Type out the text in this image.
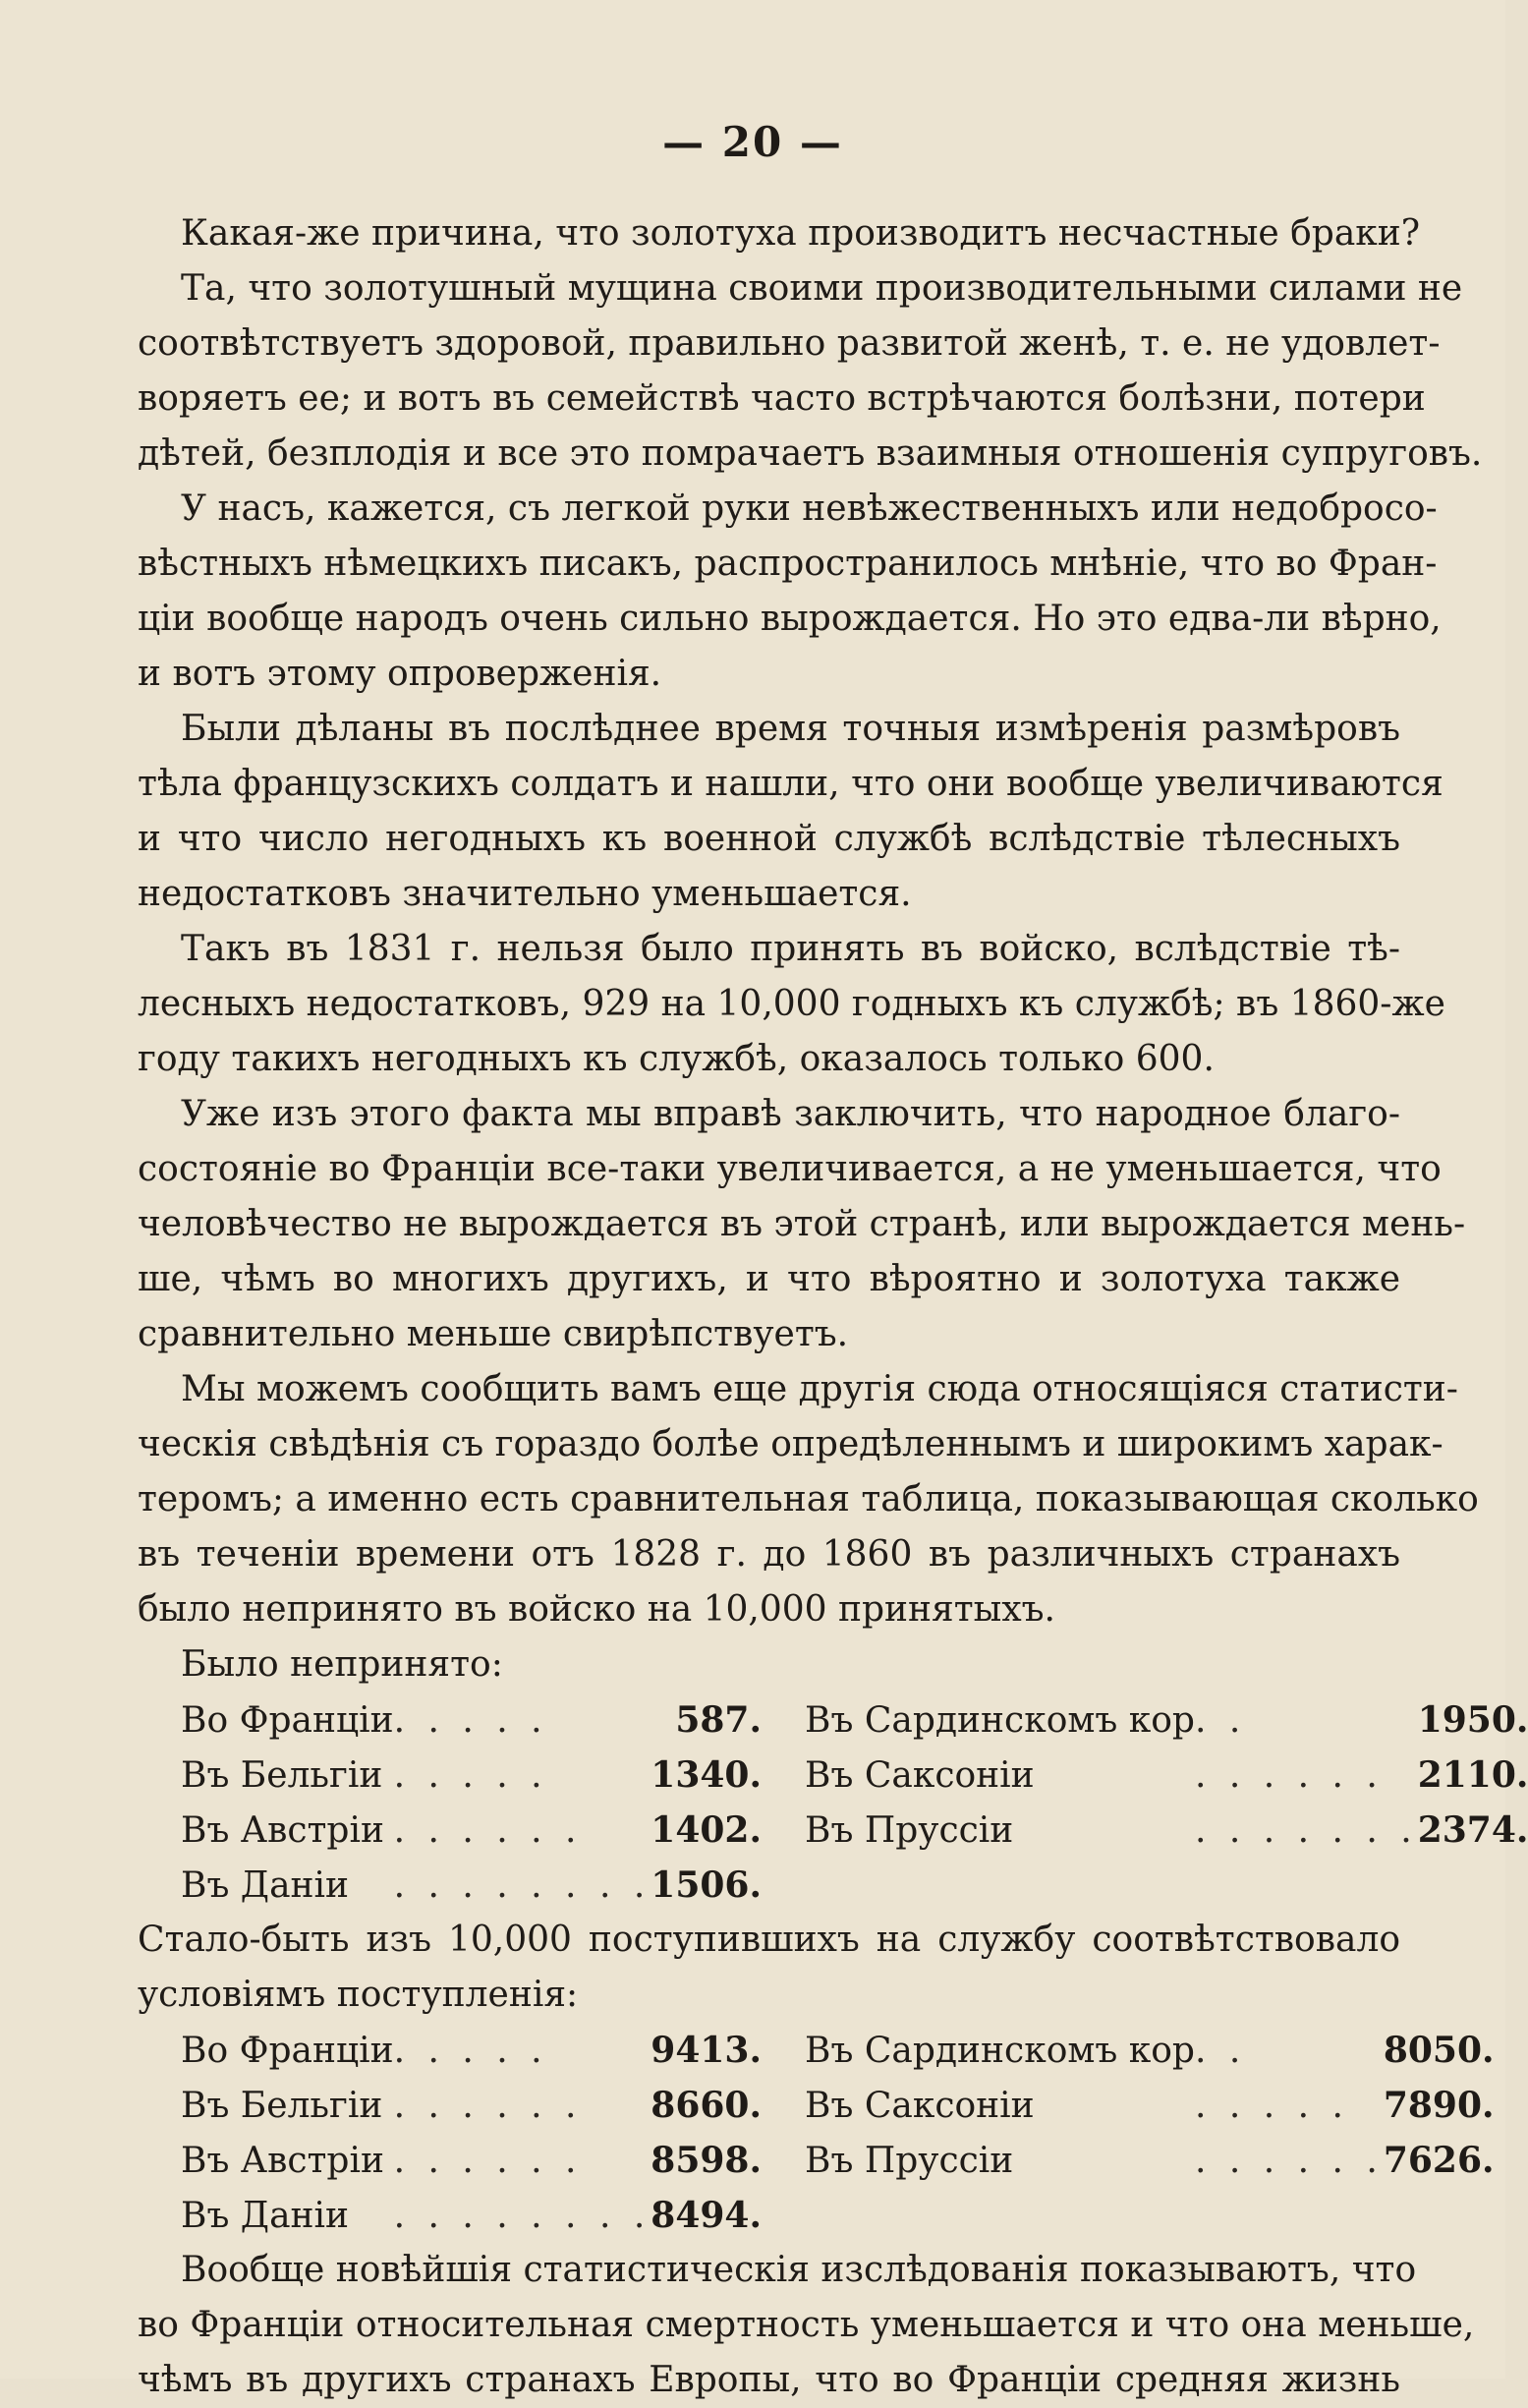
— 20 —
Какая-же причина, что золотуха производитъ несчастные браки?
Та, что золотушный мущина своими производительными силами не
соотвѣтствуетъ здоровой, правильно развитой женѣ, т. е. не удовлет-
воряетъ ее; и вотъ въ семействѣ часто встрѣчаются болѣзни, потери
дѣтей, безплодія и все это помрачаетъ взаимныя отношенія супруговъ.
У насъ, кажется, съ легкой руки невѣжественныхъ или недобросо-
вѣстныхъ нѣмецкихъ писакъ, распространилось мнѣніе, что во Фран-
ціи вообще народъ очень сильно вырождается. Но это едва-ли вѣрно,
и вотъ этому опроверженія.
Были дѣланы въ послѣднее время точныя измѣренія размѣровъ
тѣла французскихъ солдатъ и нашли, что они вообще увеличиваются
и что число негодныхъ къ военной службѣ вслѣдствіе тѣлесныхъ
недостатковъ значительно уменьшается.
Такъ въ 1831 г. нельзя было принять въ войско, вслѣдствіе тѣ-
лесныхъ недостатковъ, 929 на 10,000 годныхъ къ службѣ; въ 1860-же
году такихъ негодныхъ къ службѣ, оказалось только 600.
Уже изъ этого факта мы вправѣ заключить, что народное благо-
состояніе во Франціи все-таки увеличивается, а не уменьшается, что
человѣчество не вырождается въ этой странѣ, или вырождается мень-
ше, чѣмъ во многихъ другихъ, и что вѣроятно и золотуха также
сравнительно меньше свирѣпствуетъ.
Мы можемъ сообщить вамъ еще другія сюда относящіяся статисти-
ческія свѣдѣнія съ гораздо болѣе опредѣленнымъ и широкимъ харак-
теромъ; а именно есть сравнительная таблица, показывающая сколько
въ теченіи времени отъ 1828 г. до 1860 въ различныхъ странахъ
было непринято въ войско на 10,000 принятыхъ.
Было непринято:
Во Франціи	. . . . .	587.	Въ Сардинскомъ кор	. .	1950.
Въ Бельгіи	. . . . .	1340.	Въ Саксоніи	. . . . . .	2110.
Въ Австріи	. . . . . .	1402.	Въ Пруссіи	. . . . . . .	2374.
Въ Даніи	. . . . . . . .	1506.			
Стало-быть изъ 10,000 поступившихъ на службу соотвѣтствовало
условіямъ поступленія:
Во Франціи	. . . . .	9413.	Въ Сардинскомъ кор	. .	8050.
Въ Бельгіи	. . . . . .	8660.	Въ Саксоніи	. . . . .	7890.
Въ Австріи	. . . . . .	8598.	Въ Пруссіи	. . . . . .	7626.
Въ Даніи	. . . . . . . .	8494.			
Вообще новѣйшія статистическія изслѣдованія показываютъ, что
во Франціи относительная смертность уменьшается и что она меньше,
чѣмъ въ другихъ странахъ Европы, что во Франціи средняя жизнь
